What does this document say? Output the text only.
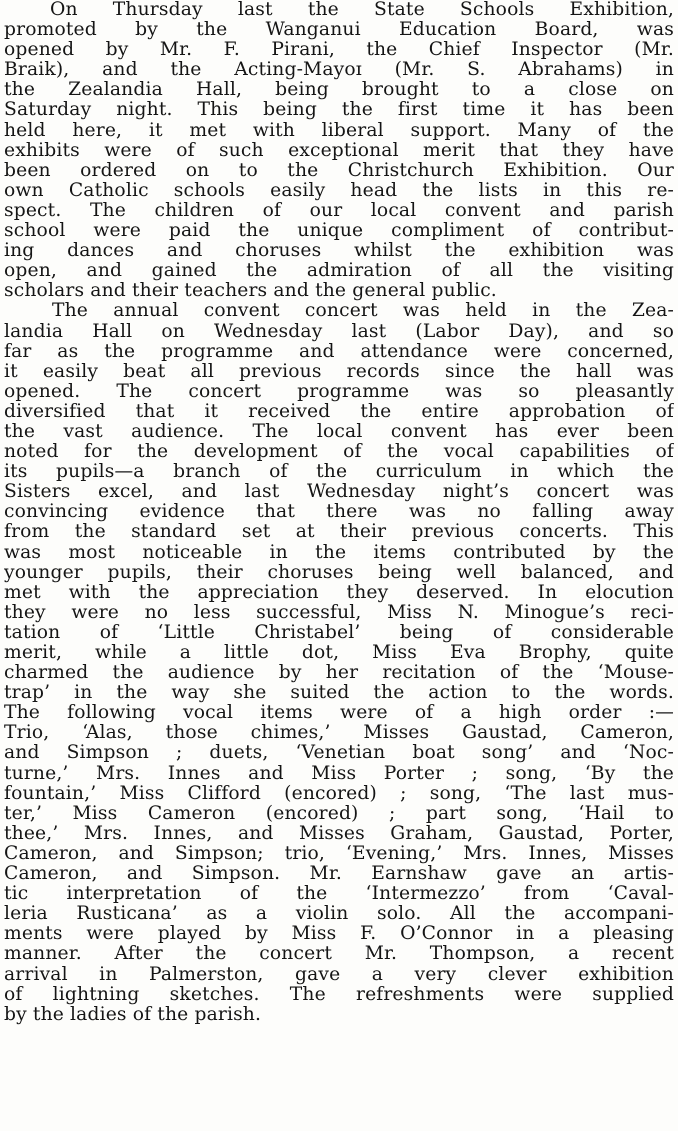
On Thursday last the State Schools Exhibition,
promoted by the Wanganui Education Board, was
opened by Mr. F. Pirani, the Chief Inspector (Mr.
Braik), and the Acting-Mayoɪ (Mr. S. Abrahams) in
the Zealandia Hall, being brought to a close on
Saturday night. This being the first time it has been
held here, it met with liberal support. Many of the
exhibits were of such exceptional merit that they have
been ordered on to the Christchurch Exhibition. Our
own Catholic schools easily head the lists in this re-
spect. The children of our local convent and parish
school were paid the unique compliment of contribut-
ing dances and choruses whilst the exhibition was
open, and gained the admiration of all the visiting
scholars and their teachers and the general public.
The annual convent concert was held in the Zea-
landia Hall on Wednesday last (Labor Day), and so
far as the programme and attendance were concerned,
it easily beat all previous records since the hall was
opened. The concert programme was so pleasantly
diversified that it received the entire approbation of
the vast audience. The local convent has ever been
noted for the development of the vocal capabilities of
its pupils—a branch of the curriculum in which the
Sisters excel, and last Wednesday night’s concert was
convincing evidence that there was no falling away
from the standard set at their previous concerts. This
was most noticeable in the items contributed by the
younger pupils, their choruses being well balanced, and
met with the appreciation they deserved. In elocution
they were no less successful, Miss N. Minogue’s reci-
tation of ‘Little Christabel’ being of considerable
merit, while a little dot, Miss Eva Brophy, quite
charmed the audience by her recitation of the ‘Mouse-
trap’ in the way she suited the action to the words.
The following vocal items were of a high order :—
Trio, ‘Alas, those chimes,’ Misses Gaustad, Cameron,
and Simpson ; duets, ‘Venetian boat song’ and ‘Noc-
turne,’ Mrs. Innes and Miss Porter ; song, ‘By the
fountain,’ Miss Clifford (encored) ; song, ‘The last mus-
ter,’ Miss Cameron (encored) ; part song, ‘Hail to
thee,’ Mrs. Innes, and Misses Graham, Gaustad, Porter,
Cameron, and Simpson; trio, ‘Evening,’ Mrs. Innes, Misses
Cameron, and Simpson. Mr. Earnshaw gave an artis-
tic interpretation of the ‘Intermezzo’ from ‘Caval-
leria Rusticana’ as a violin solo. All the accompani-
ments were played by Miss F. O’Connor in a pleasing
manner. After the concert Mr. Thompson, a recent
arrival in Palmerston, gave a very clever exhibition
of lightning sketches. The refreshments were supplied
by the ladies of the parish.
